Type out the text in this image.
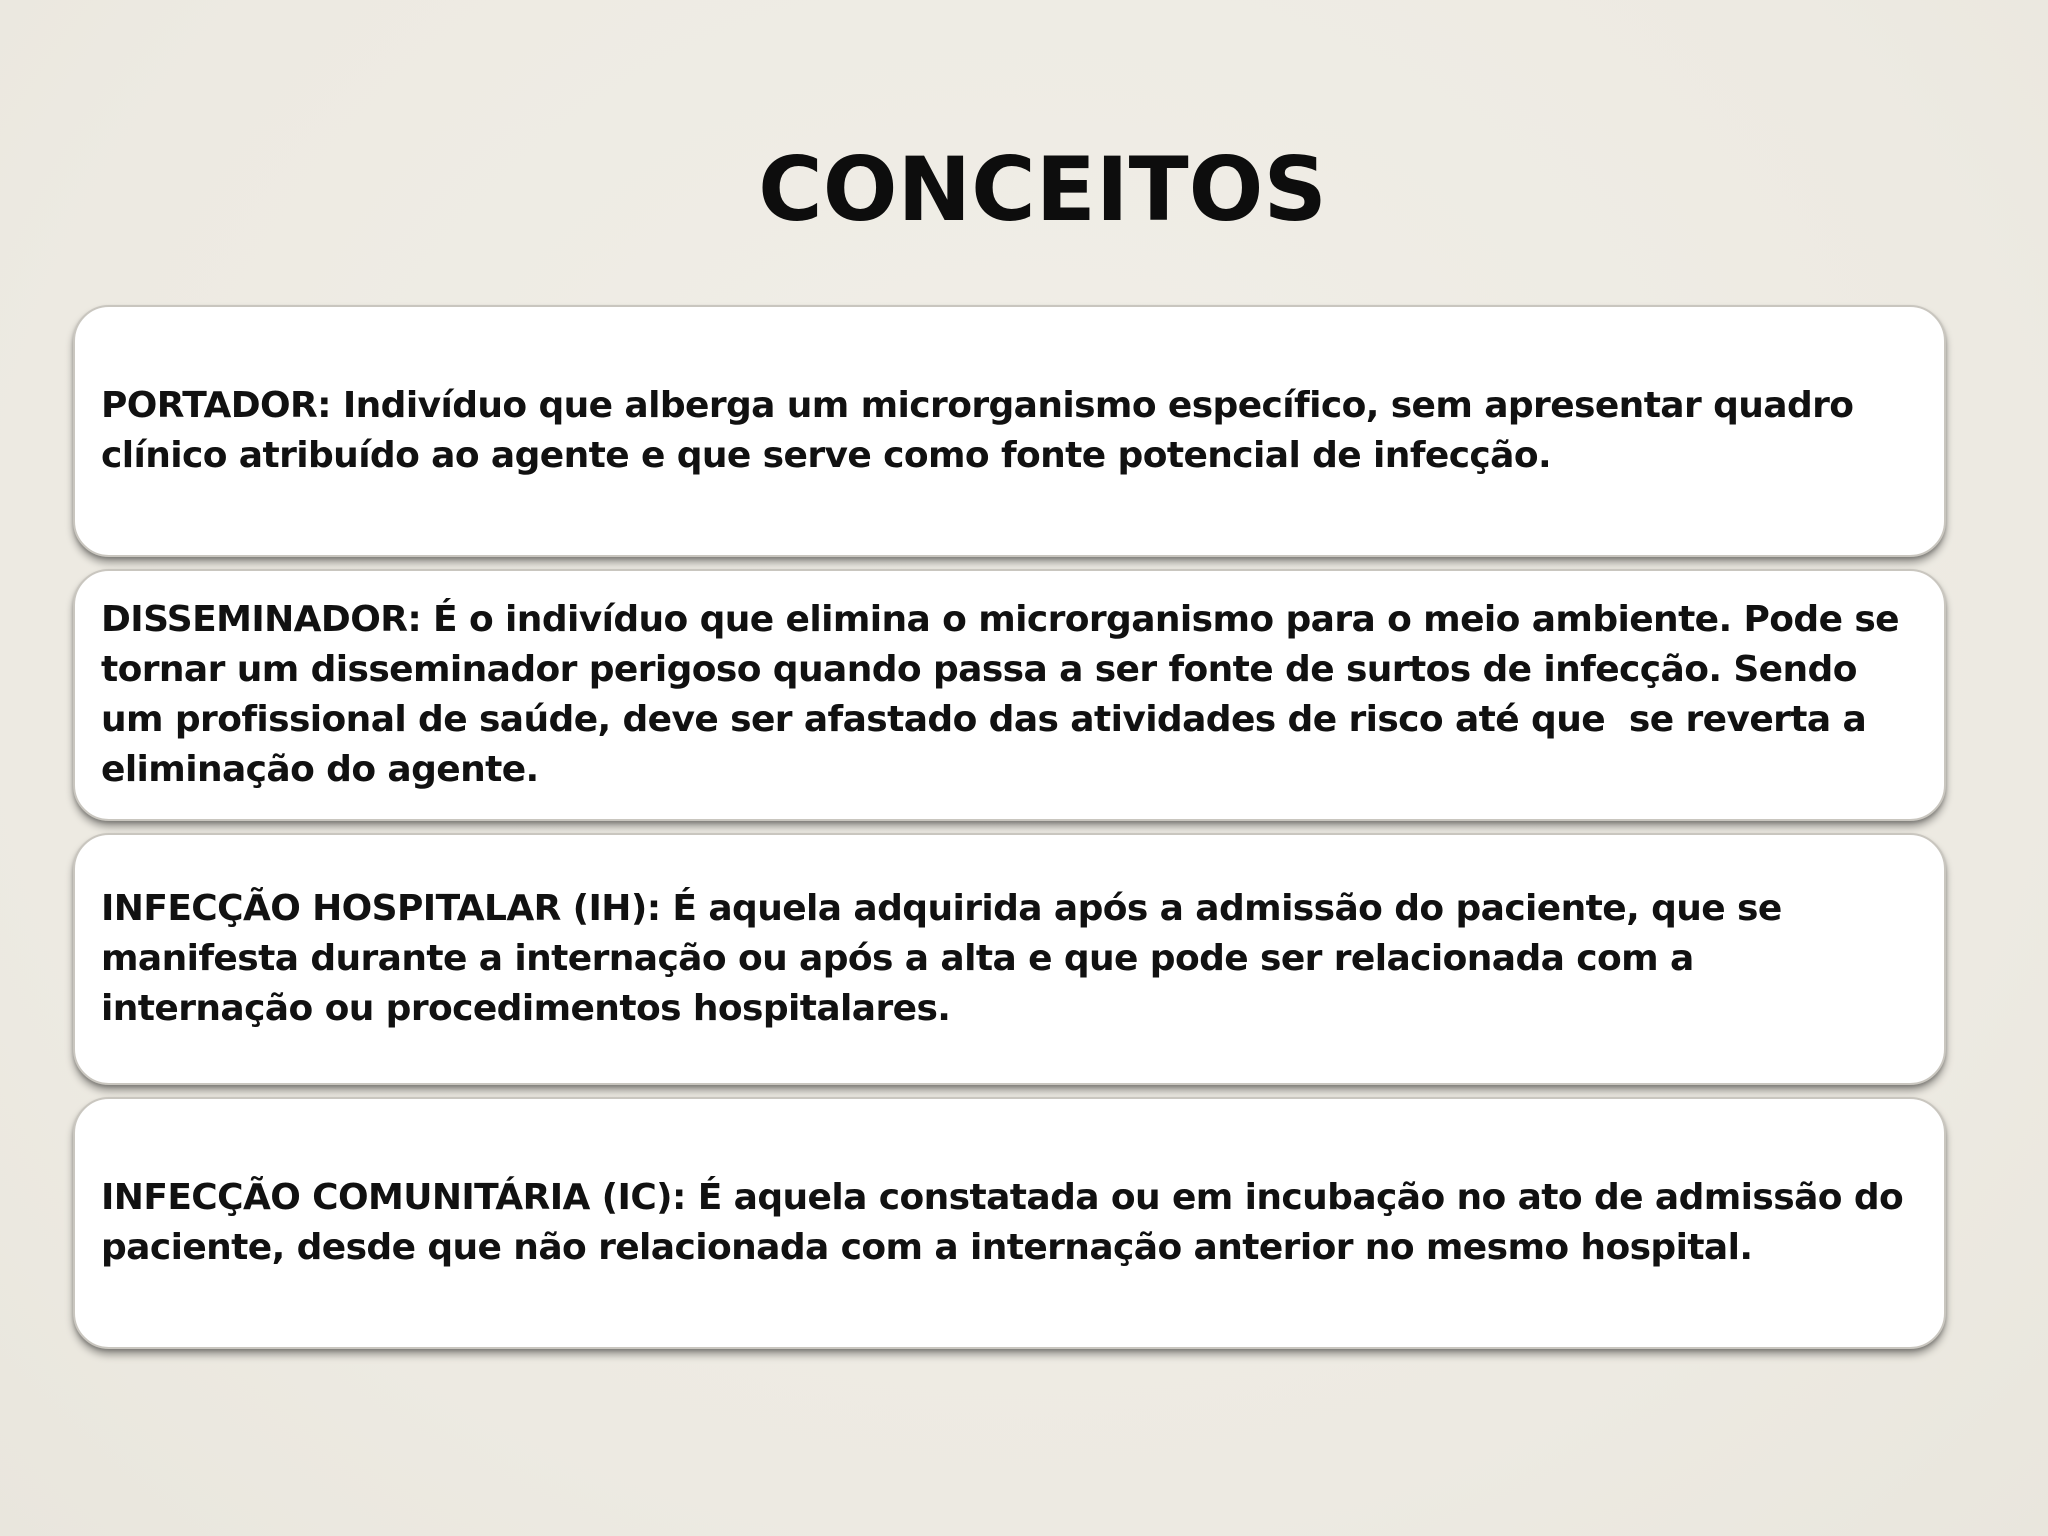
CONCEITOS

PORTADOR: Indivíduo que alberga um microrganismo específico, sem apresentar quadro   clínico atribuído ao agente e que serve como fonte potencial de infecção.

DISSEMINADOR: É o indivíduo que elimina o microrganismo para o meio ambiente. Pode se tornar um disseminador perigoso quando passa a ser fonte de surtos de infecção. Sendo um profissional de saúde, deve ser afastado das atividades de risco até que  se reverta a eliminação do agente.

INFECÇÃO HOSPITALAR (IH): É aquela adquirida após a admissão do paciente, que se manifesta durante a internação ou após a alta e que pode ser relacionada com a internação ou procedimentos hospitalares.

INFECÇÃO COMUNITÁRIA (IC): É aquela constatada ou em incubação no ato de admissão do paciente, desde que não relacionada com a internação anterior no mesmo hospital.
